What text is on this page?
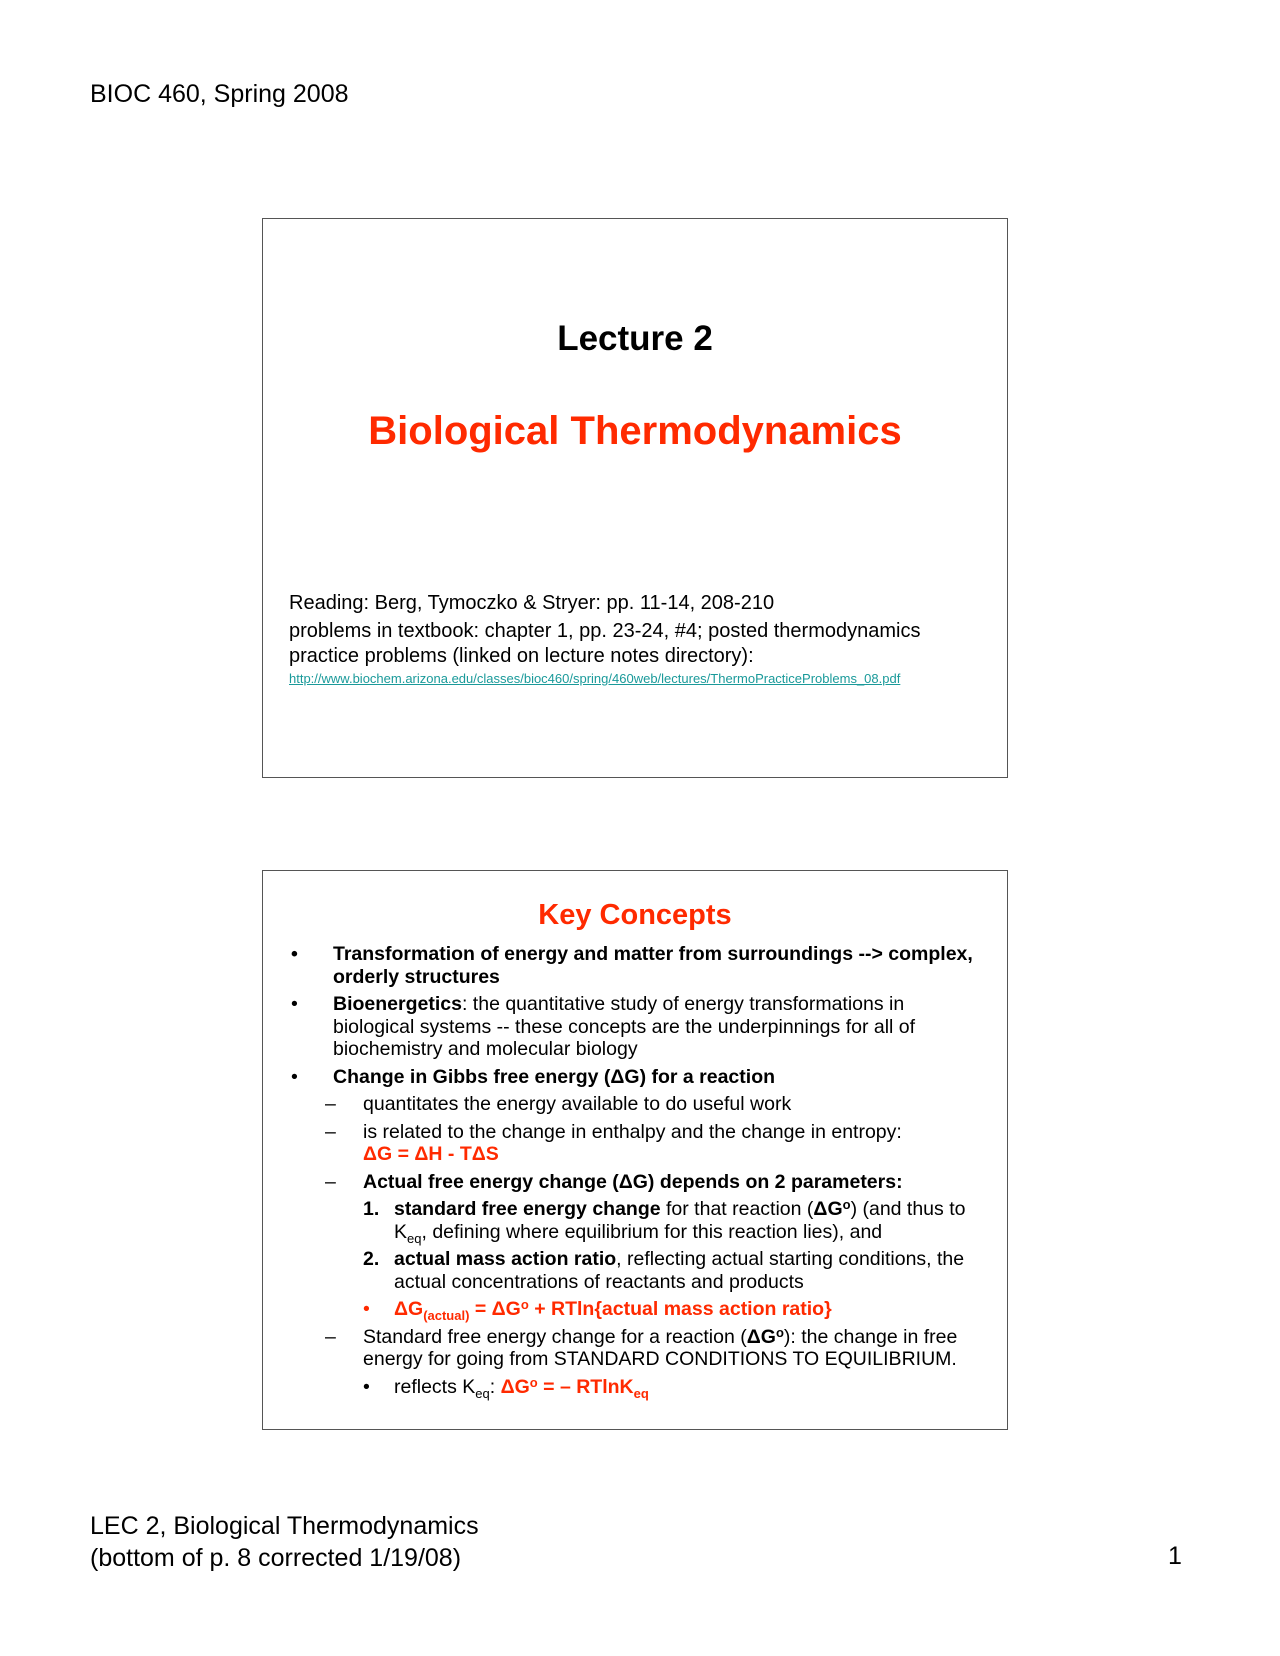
BIOC 460, Spring 2008
Lecture 2
Biological Thermodynamics
Reading: Berg, Tymoczko & Stryer: pp. 11-14, 208-210
problems in textbook: chapter 1, pp. 23-24, #4; posted thermodynamics practice problems (linked on lecture notes directory):
http://www.biochem.arizona.edu/classes/bioc460/spring/460web/lectures/ThermoPracticeProblems_08.pdf
Key Concepts
• Transformation of energy and matter from surroundings --> complex, orderly structures
• Bioenergetics: the quantitative study of energy transformations in biological systems -- these concepts are the underpinnings for all of biochemistry and molecular biology
• Change in Gibbs free energy (ΔG) for a reaction
– quantitates the energy available to do useful work
– is related to the change in enthalpy and the change in entropy:
ΔG = ΔH - TΔS
– Actual free energy change (ΔG) depends on 2 parameters:
1. standard free energy change for that reaction $(\Delta G^o)$ (and thus to $K_{eq}$, defining where equilibrium for this reaction lies), and
2. actual mass action ratio, reflecting actual starting conditions, the actual concentrations of reactants and products
• $\Delta G_{(actual)} = \Delta G^o$ + RTln{actual mass action ratio}
– Standard free energy change for a reaction $(\Delta G^o)$: the change in free energy for going from STANDARD CONDITIONS TO EQUILIBRIUM.
• reflects $K_{eq}$: $\Delta G^o$ = – RTlnK$_{eq}$
LEC 2, Biological Thermodynamics
(bottom of p. 8 corrected 1/19/08)	1
